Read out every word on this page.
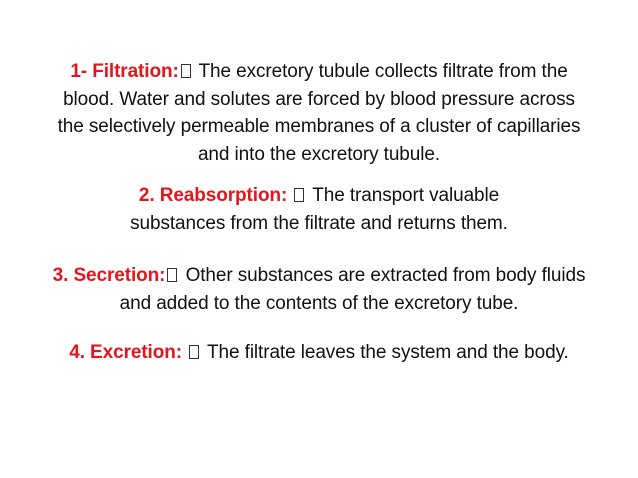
1- Filtration: The excretory tubule collects filtrate from the
blood. Water and solutes are forced by blood pressure across
the selectively permeable membranes of a cluster of capillaries
and into the excretory tubule.
2. Reabsorption: The transport valuable
substances from the filtrate and returns them.
3. Secretion: Other substances are extracted from body fluids
and added to the contents of the excretory tube.
4. Excretion: The filtrate leaves the system and the body.
